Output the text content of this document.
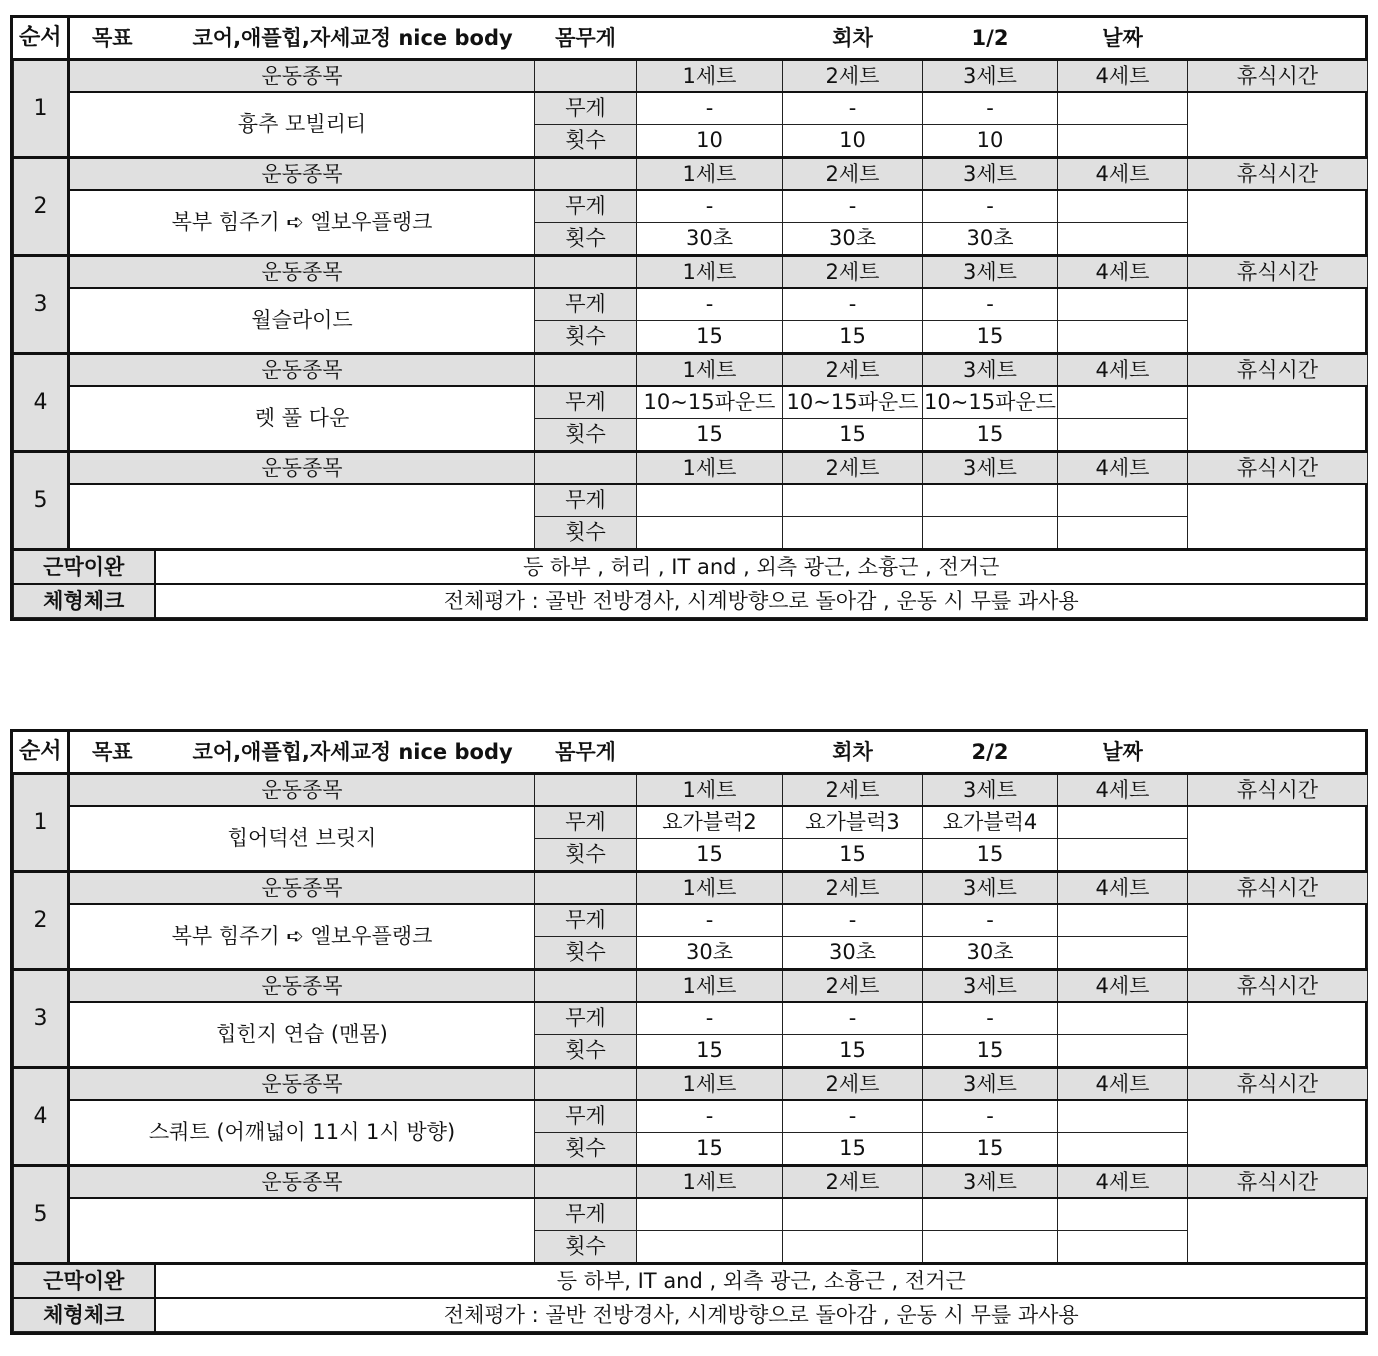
순서	목표	코어,애플힙,자세교정 nice body	몸무게		회차	1/2	날짜	
1	운동종목			1세트	2세트	3세트	4세트	휴식시간
	흉추 모빌리티		무게	-	-	-		
			횟수	10	10	10		
2	운동종목			1세트	2세트	3세트	4세트	휴식시간
	복부 힘주기 ➪ 엘보우플랭크		무게	-	-	-		
			횟수	30초	30초	30초		
3	운동종목			1세트	2세트	3세트	4세트	휴식시간
	월슬라이드		무게	-	-	-		
			횟수	15	15	15		
4	운동종목			1세트	2세트	3세트	4세트	휴식시간
	렛 풀 다운		무게	10~15파운드	10~15파운드	10~15파운드		
			횟수	15	15	15		
5	운동종목			1세트	2세트	3세트	4세트	휴식시간
			무게					
			횟수					
근막이완		등 하부 , 허리 , IT and , 외측 광근, 소흉근 , 전거근						
체형체크		전체평가 : 골반 전방경사, 시계방향으로 돌아감 , 운동 시 무릎 과사용						
순서	목표	코어,애플힙,자세교정 nice body	몸무게		회차	2/2	날짜	
1	운동종목			1세트	2세트	3세트	4세트	휴식시간
	힙어덕션 브릿지		무게	요가블럭2	요가블럭3	요가블럭4		
			횟수	15	15	15		
2	운동종목			1세트	2세트	3세트	4세트	휴식시간
	복부 힘주기 ➪ 엘보우플랭크		무게	-	-	-		
			횟수	30초	30초	30초		
3	운동종목			1세트	2세트	3세트	4세트	휴식시간
	힙힌지 연습 (맨몸)		무게	-	-	-		
			횟수	15	15	15		
4	운동종목			1세트	2세트	3세트	4세트	휴식시간
	스쿼트 (어깨넓이 11시 1시 방향)		무게	-	-	-		
			횟수	15	15	15		
5	운동종목			1세트	2세트	3세트	4세트	휴식시간
			무게					
			횟수					
근막이완		등 하부, IT and , 외측 광근, 소흉근 , 전거근						
체형체크		전체평가 : 골반 전방경사, 시계방향으로 돌아감 , 운동 시 무릎 과사용						
